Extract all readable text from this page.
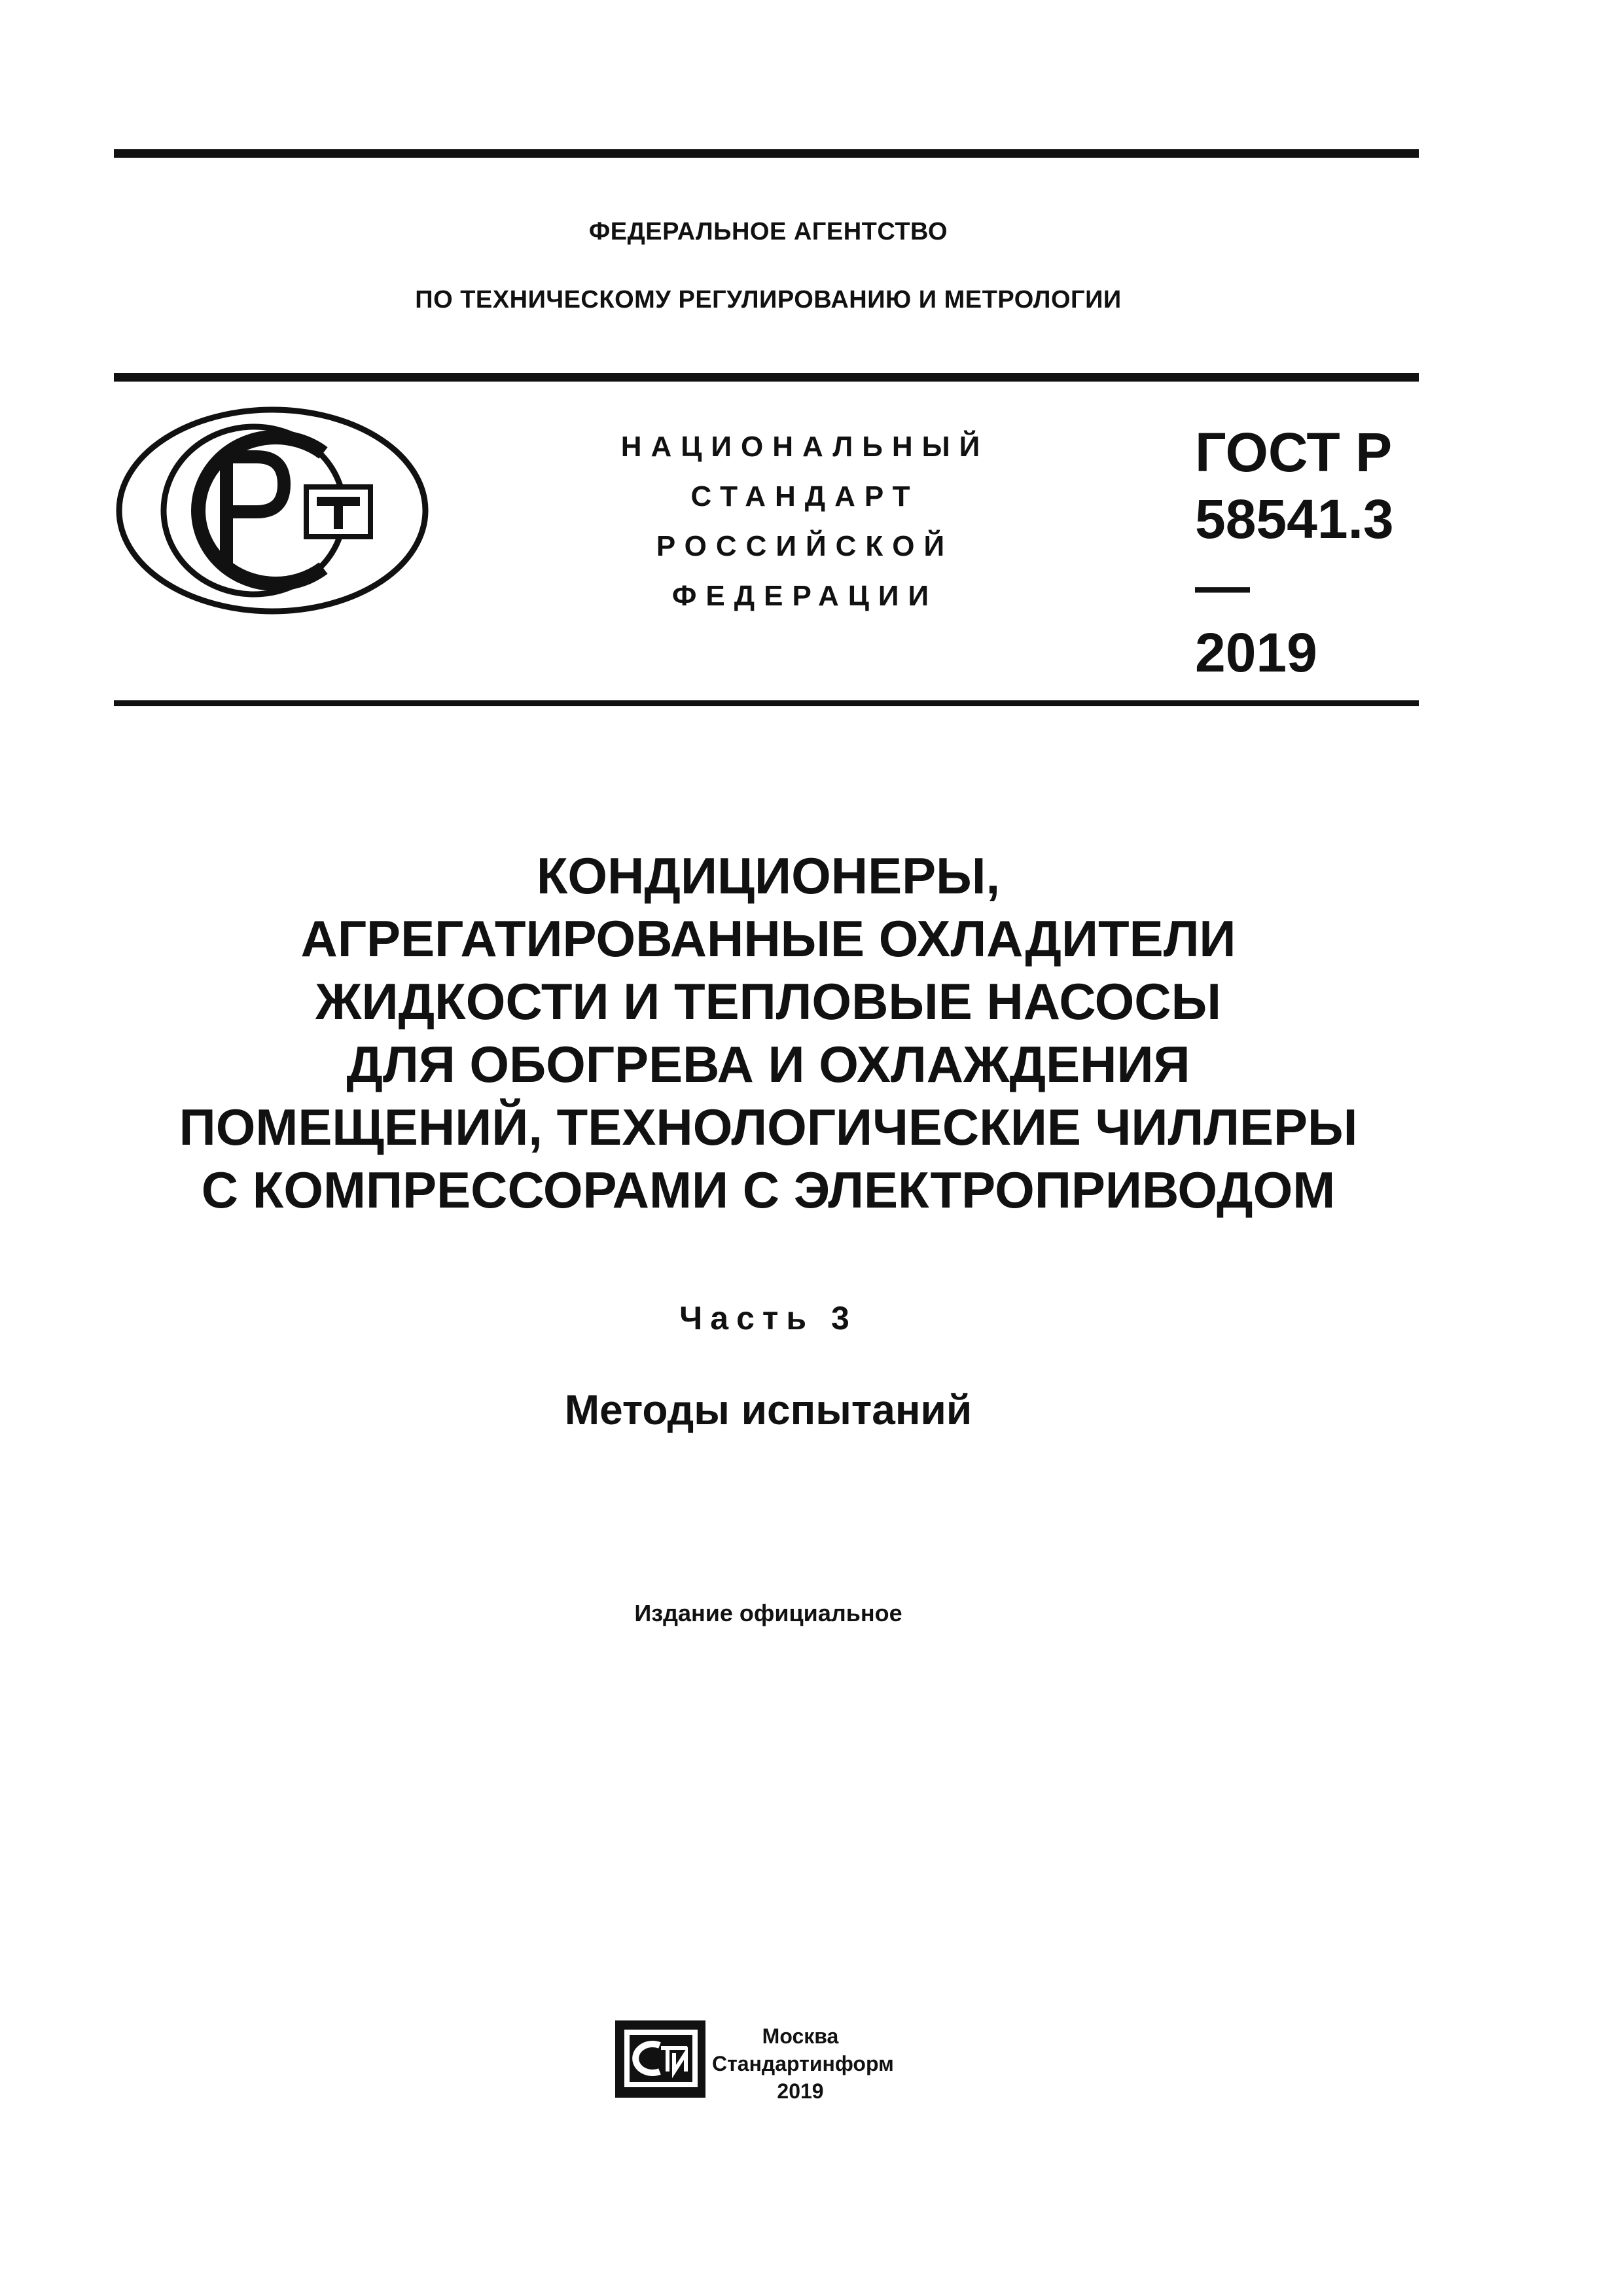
ФЕДЕРАЛЬНОЕ АГЕНТСТВО
ПО ТЕХНИЧЕСКОМУ РЕГУЛИРОВАНИЮ И МЕТРОЛОГИИ
НАЦИОНАЛЬНЫЙ
СТАНДАРТ
РОССИЙСКОЙ
ФЕДЕРАЦИИ
ГОСТ Р
58541.3—
2019
КОНДИЦИОНЕРЫ,
АГРЕГАТИРОВАННЫЕ ОХЛАДИТЕЛИ
ЖИДКОСТИ И ТЕПЛОВЫЕ НАСОСЫ
ДЛЯ ОБОГРЕВА И ОХЛАЖДЕНИЯ
ПОМЕЩЕНИЙ, ТЕХНОЛОГИЧЕСКИЕ ЧИЛЛЕРЫ
С КОМПРЕССОРАМИ С ЭЛЕКТРОПРИВОДОМ
Часть 3
Методы испытаний
Издание официальное
Москва
Стандартинформ
2019
